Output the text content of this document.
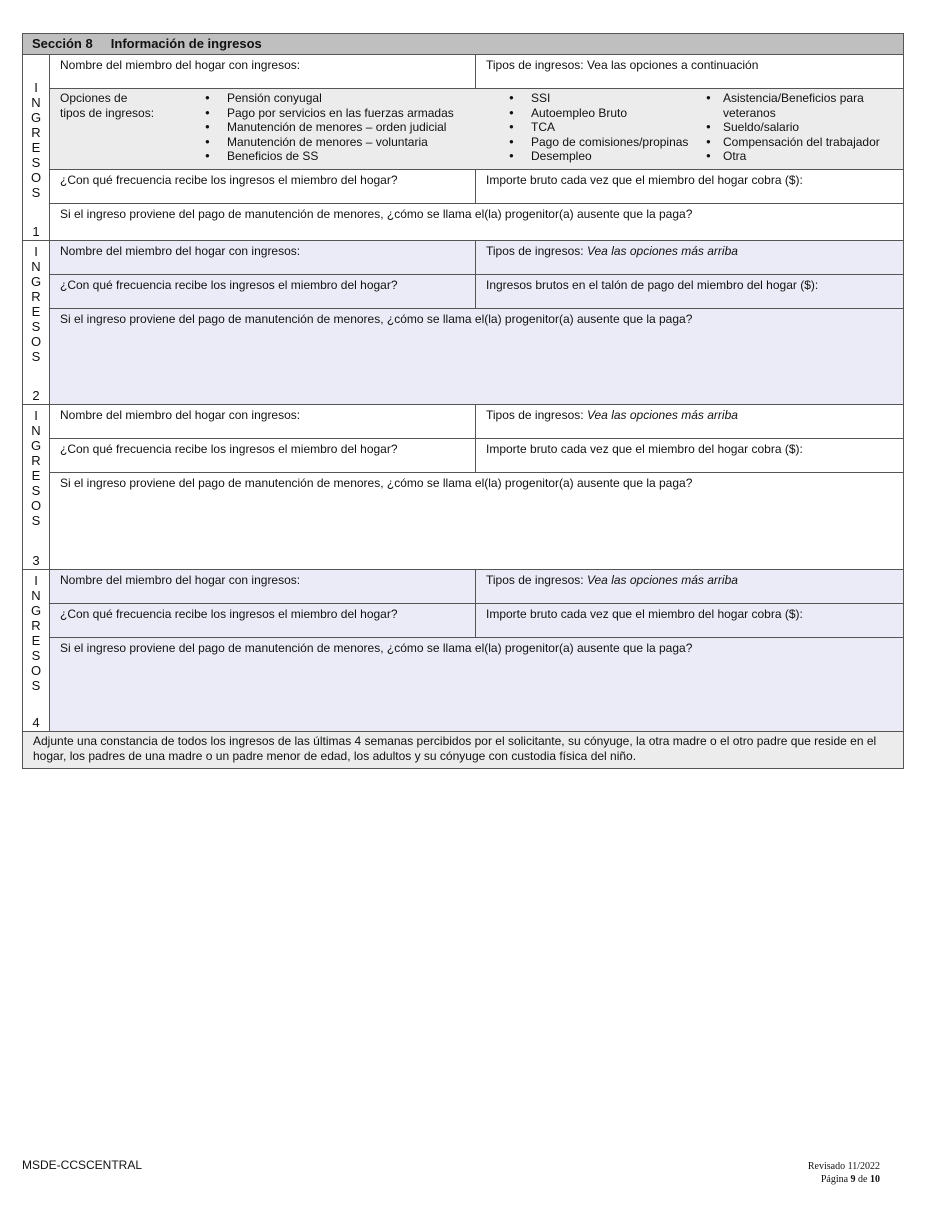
Sección 8 Información de ingresos
I
N
G
R
E
S
O
S
1
Nombre del miembro del hogar con ingresos:	Tipos de ingresos: Vea las opciones a continuación
Opciones de
tipos de ingresos:
● Pensión conyugal
● Pago por servicios en las fuerzas armadas
● Manutención de menores – orden judicial
● Manutención de menores – voluntaria
● Beneficios de SS
● SSI
● Autoempleo Bruto
● TCA
● Pago de comisiones/propinas
● Desempleo
● Asistencia/Beneficios para veteranos
● Sueldo/salario
● Compensación del trabajador
● Otra
¿Con qué frecuencia recibe los ingresos el miembro del hogar?	Importe bruto cada vez que el miembro del hogar cobra ($):
Si el ingreso proviene del pago de manutención de menores, ¿cómo se llama el(la) progenitor(a) ausente que la paga?
I
N
G
R
E
S
O
S
2
Nombre del miembro del hogar con ingresos:	Tipos de ingresos: Vea las opciones más arriba
¿Con qué frecuencia recibe los ingresos el miembro del hogar?	Ingresos brutos en el talón de pago del miembro del hogar ($):
Si el ingreso proviene del pago de manutención de menores, ¿cómo se llama el(la) progenitor(a) ausente que la paga?
I
N
G
R
E
S
O
S
3
Nombre del miembro del hogar con ingresos:	Tipos de ingresos: Vea las opciones más arriba
¿Con qué frecuencia recibe los ingresos el miembro del hogar?	Importe bruto cada vez que el miembro del hogar cobra ($):
Si el ingreso proviene del pago de manutención de menores, ¿cómo se llama el(la) progenitor(a) ausente que la paga?
I
N
G
R
E
S
O
S
4
Nombre del miembro del hogar con ingresos:	Tipos de ingresos: Vea las opciones más arriba
¿Con qué frecuencia recibe los ingresos el miembro del hogar?	Importe bruto cada vez que el miembro del hogar cobra ($):
Si el ingreso proviene del pago de manutención de menores, ¿cómo se llama el(la) progenitor(a) ausente que la paga?
Adjunte una constancia de todos los ingresos de las últimas 4 semanas percibidos por el solicitante, su cónyuge, la otra madre o el otro padre que reside en el hogar, los padres de una madre o un padre menor de edad, los adultos y su cónyuge con custodia física del niño.
MSDE-CCSCENTRAL	Revisado 11/2022
Página 9 de 10
